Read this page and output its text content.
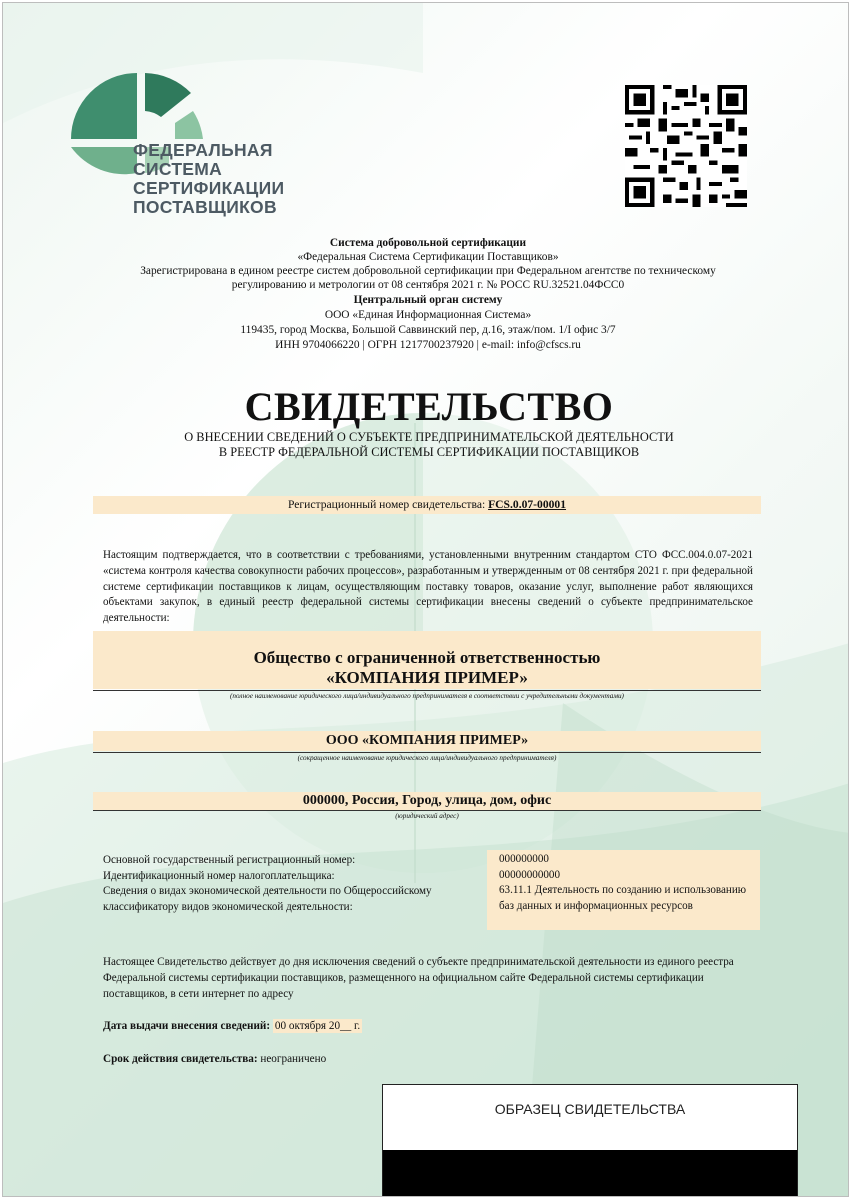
ФЕДЕРАЛЬНАЯ
СИСТЕМА
СЕРТИФИКАЦИИ
ПОСТАВЩИКОВ
Система добровольной сертификации
«Федеральная Система Сертификации Поставщиков»
Зарегистрирована в едином реестре систем добровольной сертификации при Федеральном агентстве по техническому
регулированию и метрологии от 08 сентября 2021 г. № РОСС RU.32521.04ФСС0
Центральный орган систему
ООО «Единая Информационная Система»
119435, город Москва, Большой Саввинский пер, д.16, этаж/пом. 1/I офис 3/7
ИНН 9704066220 | ОГРН 1217700237920 | e-mail: info@cfscs.ru
СВИДЕТЕЛЬСТВО
О ВНЕСЕНИИ СВЕДЕНИЙ О СУБЪЕКТЕ ПРЕДПРИНИМАТЕЛЬСКОЙ ДЕЯТЕЛЬНОСТИ
В РЕЕСТР ФЕДЕРАЛЬНОЙ СИСТЕМЫ СЕРТИФИКАЦИИ ПОСТАВЩИКОВ
Регистрационный номер свидетельства: FCS.0.07-00001
Настоящим подтверждается, что в соответствии с требованиями, установленными внутренним стандартом СТО ФСС.004.0.07-2021 «система контроля качества совокупности рабочих процессов», разработанным и утвержденным от 08 сентября 2021 г. при федеральной системе сертификации поставщиков к лицам, осуществляющим поставку товаров, оказание услуг, выполнение работ являющихся объектами закупок, в единый реестр федеральной системы сертификации внесены сведений о субъекте предпринимательское деятельности:
Общество с ограниченной ответственностью
«КОМПАНИЯ ПРИМЕР»
(полное наименование юридического лица/индивидуального предпринимателя в соответствии с учредительными документами)
ООО «КОМПАНИЯ ПРИМЕР»
(сокращенное наименование юридического лица/индивидуального предпринимателя)
000000, Россия, Город, улица, дом, офис
(юридический адрес)
Основной государственный регистрационный номер:
Идентификационный номер налогоплательщика:
Сведения о видах экономической деятельности по Общероссийскому классификатору видов экономической деятельности:
000000000
00000000000
63.11.1 Деятельность по созданию и использованию баз данных и информационных ресурсов
Настоящее Свидетельство действует до дня исключения сведений о субъекте предпринимательской деятельности из единого реестра Федеральной системы сертификации поставщиков, размещенного на официальном сайте Федеральной системы сертификации поставщиков, в сети интернет по адресу
Дата выдачи внесения сведений: 00 октября 20__ г.
Срок действия свидетельства: неограничено
ОБРАЗЕЦ СВИДЕТЕЛЬСТВА
